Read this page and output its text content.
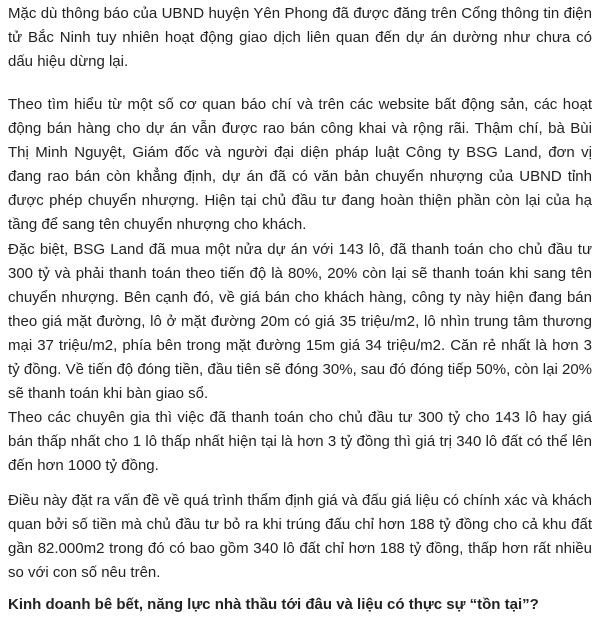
Mặc dù thông báo của UBND huyện Yên Phong đã được đăng trên Cổng thông tin điện tử Bắc Ninh tuy nhiên hoạt động giao dịch liên quan đến dự án dường như chưa có dấu hiệu dừng lại.

Theo tìm hiểu từ một số cơ quan báo chí và trên các website bất động sản, các hoạt động bán hàng cho dự án vẫn được rao bán công khai và rộng rãi. Thậm chí, bà Bùi Thị Minh Nguyệt, Giám đốc và người đại diện pháp luật Công ty BSG Land, đơn vị đang rao bán còn khẳng định, dự án đã có văn bản chuyển nhượng của UBND tỉnh được phép chuyển nhượng. Hiện tại chủ đầu tư đang hoàn thiện phần còn lại của hạ tầng để sang tên chuyển nhượng cho khách.

Đặc biệt, BSG Land đã mua một nửa dự án với 143 lô, đã thanh toán cho chủ đầu tư 300 tỷ và phải thanh toán theo tiến độ là 80%, 20% còn lại sẽ thanh toán khi sang tên chuyển nhượng. Bên cạnh đó, về giá bán cho khách hàng, công ty này hiện đang bán theo giá mặt đường, lô ở mặt đường 20m có giá 35 triệu/m2, lô nhìn trung tâm thương mại 37 triệu/m2, phía bên trong mặt đường 15m giá 34 triệu/m2. Căn rẻ nhất là hơn 3 tỷ đồng. Về tiến độ đóng tiền, đầu tiên sẽ đóng 30%, sau đó đóng tiếp 50%, còn lại 20% sẽ thanh toán khi bàn giao sổ.

Theo các chuyên gia thì việc đã thanh toán cho chủ đầu tư 300 tỷ cho 143 lô hay giá bán thấp nhất cho 1 lô thấp nhất hiện tại là hơn 3 tỷ đồng thì giá trị 340 lô đất có thể lên đến hơn 1000 tỷ đồng.

Điều này đặt ra vấn đề về quá trình thẩm định giá và đấu giá liệu có chính xác và khách quan bởi số tiền mà chủ đầu tư bỏ ra khi trúng đấu chỉ hơn 188 tỷ đồng cho cả khu đất gần 82.000m2 trong đó có bao gồm 340 lô đất chỉ hơn 188 tỷ đồng, thấp hơn rất nhiều so với con số nêu trên.

Kinh doanh bê bết, năng lực nhà thầu tới đâu và liệu có thực sự “tồn tại”?
